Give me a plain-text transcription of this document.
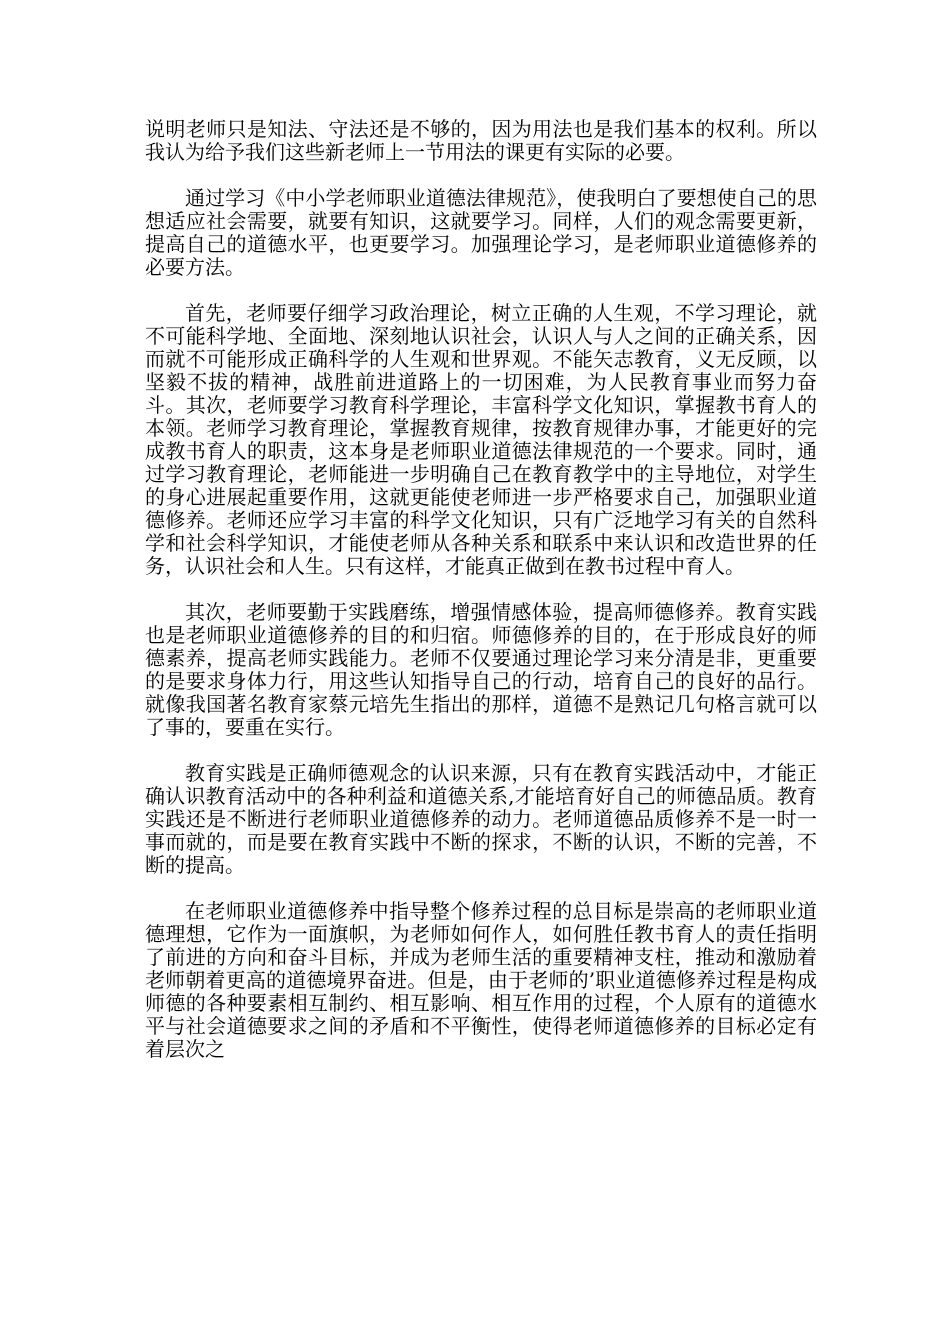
说明老师只是知法、守法还是不够的，因为用法也是我们基本的权利。所以我认为给予我们这些新老师上一节用法的课更有实际的必要。

通过学习《中小学老师职业道德法律规范》，使我明白了要想使自己的思想适应社会需要，就要有知识，这就要学习。同样，人们的观念需要更新，提高自己的道德水平，也更要学习。加强理论学习，是老师职业道德修养的必要方法。

首先，老师要仔细学习政治理论，树立正确的人生观，不学习理论，就不可能科学地、全面地、深刻地认识社会，认识人与人之间的正确关系，因而就不可能形成正确科学的人生观和世界观。不能矢志教育，义无反顾，以坚毅不拔的精神，战胜前进道路上的一切困难，为人民教育事业而努力奋斗。其次，老师要学习教育科学理论，丰富科学文化知识，掌握教书育人的本领。老师学习教育理论，掌握教育规律，按教育规律办事，才能更好的完成教书育人的职责，这本身是老师职业道德法律规范的一个要求。同时，通过学习教育理论，老师能进一步明确自己在教育教学中的主导地位，对学生的身心进展起重要作用，这就更能使老师进一步严格要求自己，加强职业道德修养。老师还应学习丰富的科学文化知识，只有广泛地学习有关的自然科学和社会科学知识，才能使老师从各种关系和联系中来认识和改造世界的任务，认识社会和人生。只有这样，才能真正做到在教书过程中育人。

其次，老师要勤于实践磨练，增强情感体验，提高师德修养。教育实践也是老师职业道德修养的目的和归宿。师德修养的目的，在于形成良好的师德素养，提高老师实践能力。老师不仅要通过理论学习来分清是非，更重要的是要求身体力行，用这些认知指导自己的行动，培育自己的良好的品行。就像我国著名教育家蔡元培先生指出的那样，道德不是熟记几句格言就可以了事的，要重在实行。

教育实践是正确师德观念的认识来源，只有在教育实践活动中，才能正确认识教育活动中的各种利益和道德关系,才能培育好自己的师德品质。教育实践还是不断进行老师职业道德修养的动力。老师道德品质修养不是一时一事而就的，而是要在教育实践中不断的探求，不断的认识，不断的完善，不断的提高。

在老师职业道德修养中指导整个修养过程的总目标是崇高的老师职业道德理想，它作为一面旗帜，为老师如何作人，如何胜任教书育人的责任指明了前进的方向和奋斗目标，并成为老师生活的重要精神支柱，推动和激励着老师朝着更高的道德境界奋进。但是，由于老师的’职业道德修养过程是构成师德的各种要素相互制约、相互影响、相互作用的过程，个人原有的道德水平与社会道德要求之间的矛盾和不平衡性，使得老师道德修养的目标必定有着层次之
